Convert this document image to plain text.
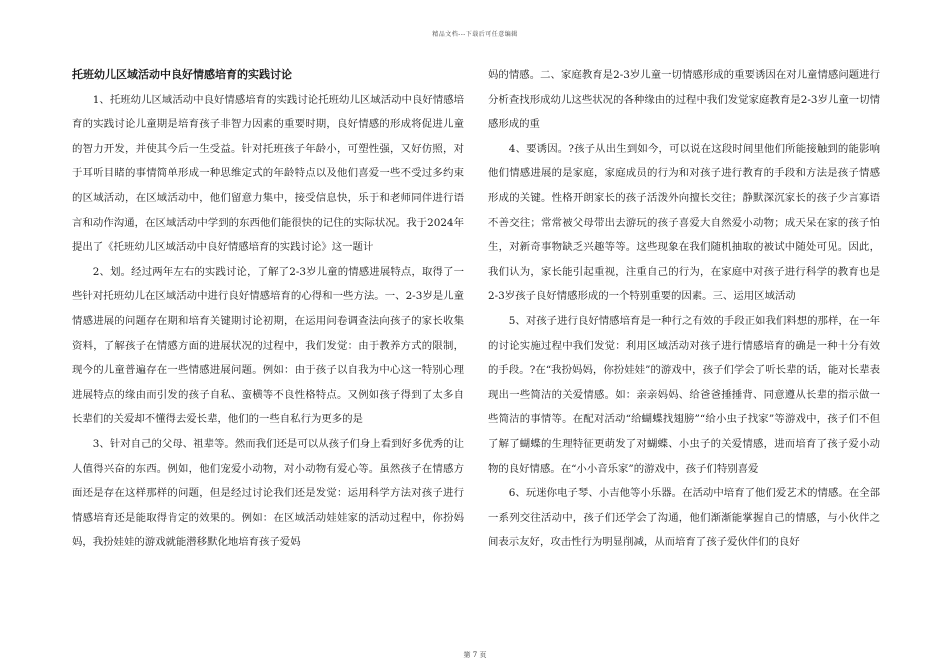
精品文档---下载后可任意编辑

托班幼儿区域活动中良好情感培育的实践讨论

1、托班幼儿区域活动中良好情感培育的实践讨论托班幼儿区域活动中良好情感培育的实践讨论儿童期是培育孩子非智力因素的重要时期，良好情感的形成将促进儿童的智力开发，并使其今后一生受益。针对托班孩子年龄小，可塑性强，又好仿照，对于耳听目睹的事情简单形成一种思维定式的年龄特点以及他们喜爱一些不受过多约束的区域活动，在区域活动中，他们留意力集中，接受信息快，乐于和老师同伴进行语言和动作沟通，在区域活动中学到的东西他们能很快的记住的实际状况。我于2024年提出了《托班幼儿区域活动中良好情感培育的实践讨论》这一题计

2、划。经过两年左右的实践讨论，了解了2-3岁儿童的情感进展特点，取得了一些针对托班幼儿在区域活动中进行良好情感培育的心得和一些方法。一、2-3岁是儿童情感进展的问题存在期和培育关键期讨论初期，在运用问卷调查法向孩子的家长收集资料，了解孩子在情感方面的进展状况的过程中，我们发觉：由于教养方式的限制，现今的儿童普遍存在一些情感进展问题。例如：由于孩子以自我为中心这一特别心理进展特点的缘由而引发的孩子自私、蛮横等不良性格特点。又例如孩子得到了太多自长辈们的关爱却不懂得去爱长辈，他们的一些自私行为更多的是

3、针对自己的父母、祖辈等。然而我们还是可以从孩子们身上看到好多优秀的让人值得兴奋的东西。例如，他们宠爱小动物，对小动物有爱心等。虽然孩子在情感方面还是存在这样那样的问题，但是经过讨论我们还是发觉：运用科学方法对孩子进行情感培育还是能取得肯定的效果的。例如：在区域活动娃娃家的活动过程中，你扮妈妈，我扮娃娃的游戏就能潜移默化地培育孩子爱妈

妈的情感。二、家庭教育是2-3岁儿童一切情感形成的重要诱因在对儿童情感问题进行分析查找形成幼儿这些状况的各种缘由的过程中我们发觉家庭教育是2-3岁儿童一切情感形成的重

4、要诱因。?孩子从出生到如今，可以说在这段时间里他们所能接触到的能影响他们情感进展的是家庭，家庭成员的行为和对孩子进行教育的手段和方法是孩子情感形成的关键。性格开朗家长的孩子活泼外向擅长交往；静默深沉家长的孩子少言寡语不善交往；常常被父母带出去游玩的孩子喜爱大自然爱小动物；成天呆在家的孩子怕生，对新奇事物缺乏兴趣等等。这些现象在我们随机抽取的被试中随处可见。因此，我们认为，家长能引起重视，注重自己的行为，在家庭中对孩子进行科学的教育也是2-3岁孩子良好情感形成的一个特别重要的因素。三、运用区域活动

5、对孩子进行良好情感培育是一种行之有效的手段正如我们料想的那样，在一年的讨论实施过程中我们发觉：利用区域活动对孩子进行情感培育的确是一种十分有效的手段。?在“我扮妈妈，你扮娃娃”的游戏中，孩子们学会了听长辈的话，能对长辈表现出一些简洁的关爱情感。如：亲亲妈妈、给爸爸捶捶背、同意遵从长辈的指示做一些简洁的事情等。在配对活动“给蝴蝶找翅膀”“给小虫子找家”等游戏中，孩子们不但了解了蝴蝶的生理特征更萌发了对蝴蝶、小虫子的关爱情感，进而培育了孩子爱小动物的良好情感。在“小小音乐家”的游戏中，孩子们特别喜爱

6、玩迷你电子琴、小吉他等小乐器。在活动中培育了他们爱艺术的情感。在全部一系列交往活动中，孩子们还学会了沟通，他们渐渐能掌握自己的情感，与小伙伴之间表示友好，攻击性行为明显削减，从而培育了孩子爱伙伴们的良好

第 7 页
